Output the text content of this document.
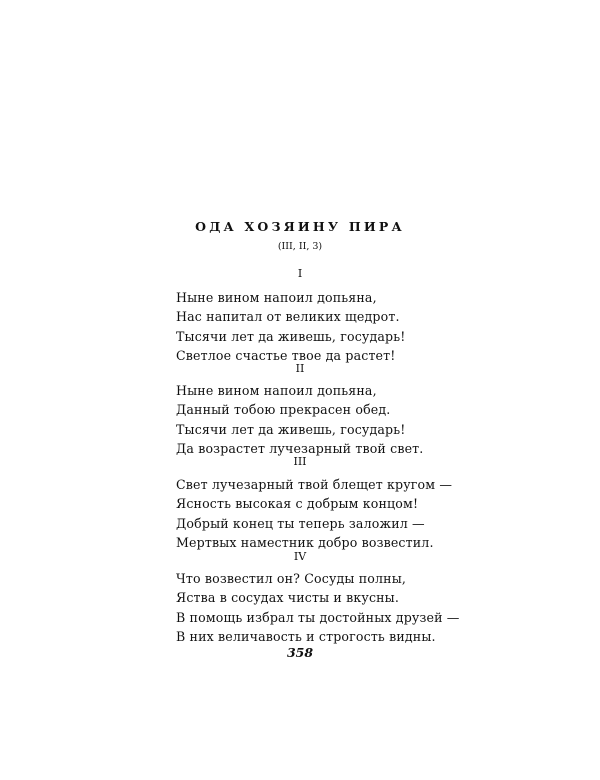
ОДА ХОЗЯИНУ ПИРА
(III, II, 3)
I
Ныне вином напоил допьяна,
Нас напитал от великих щедрот.
Тысячи лет да живешь, государь!
Светлое счастье твое да растет!
II
Ныне вином напоил допьяна,
Данный тобою прекрасен обед.
Тысячи лет да живешь, государь!
Да возрастет лучезарный твой свет.
III
Свет лучезарный твой блещет кругом —
Ясность высокая с добрым концом!
Добрый конец ты теперь заложил —
Мертвых наместник добро возвестил.
IV
Что возвестил он? Сосуды полны,
Яства в сосудах чисты и вкусны.
В помощь избрал ты достойных друзей —
В них величавость и строгость видны.
358
